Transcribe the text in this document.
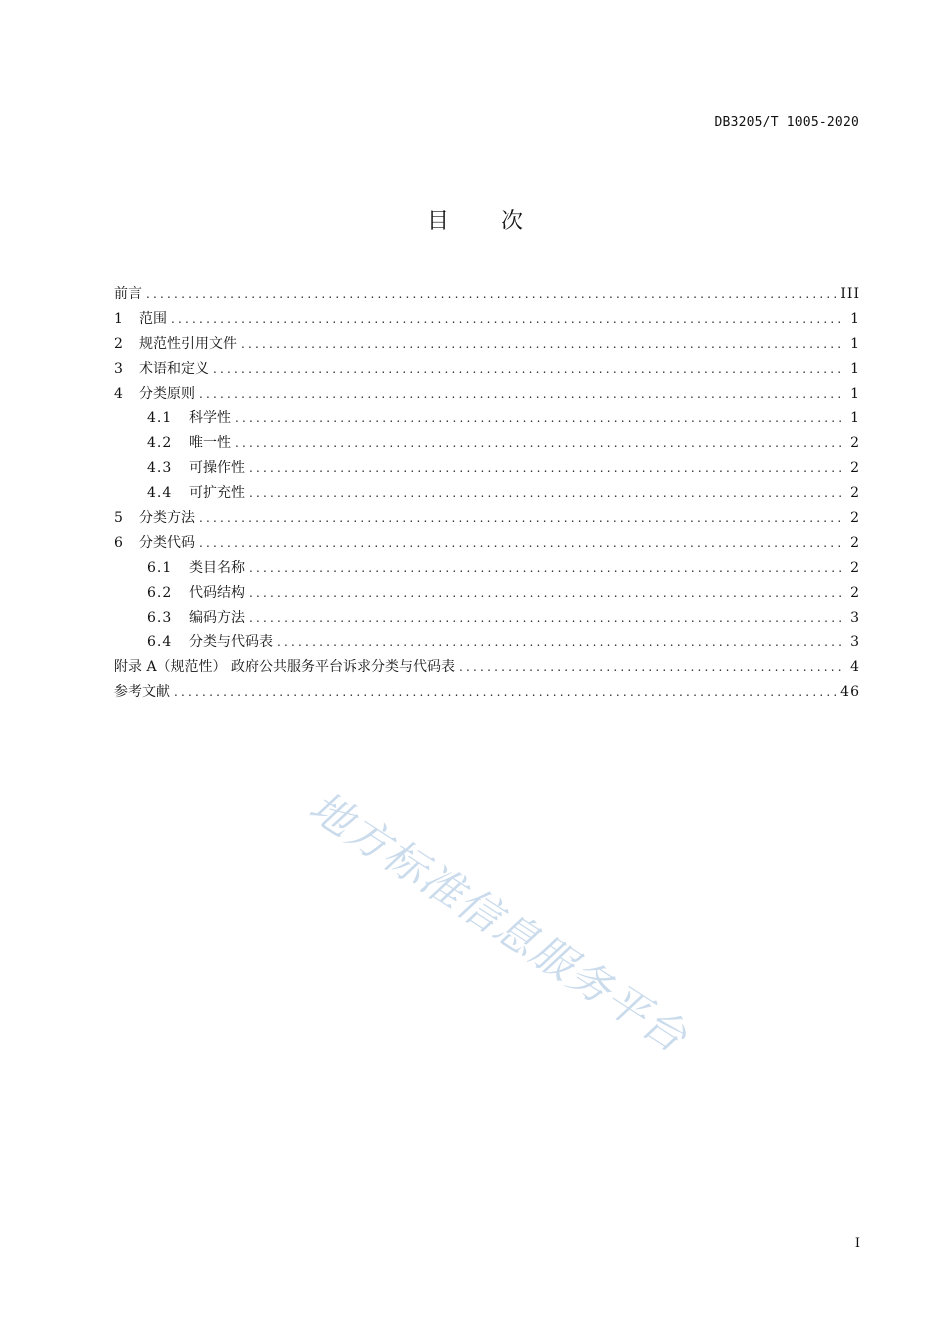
DB3205/T 1005-2020
目次
前言 .....	III
1	范围 .....	1
2	规范性引用文件 .....	1
3	术语和定义 .....	1
4	分类原则 .....	1
4.1	科学性 .....	1
4.2	唯一性 .....	2
4.3	可操作性 .....	2
4.4	可扩充性 .....	2
5	分类方法 .....	2
6	分类代码 .....	2
6.1	类目名称 .....	2
6.2	代码结构 .....	2
6.3	编码方法 .....	3
6.4	分类与代码表 .....	3
附录 A（规范性） 政府公共服务平台诉求分类与代码表 .....	4
参考文献 .....	46
地方标准信息服务平台
I
